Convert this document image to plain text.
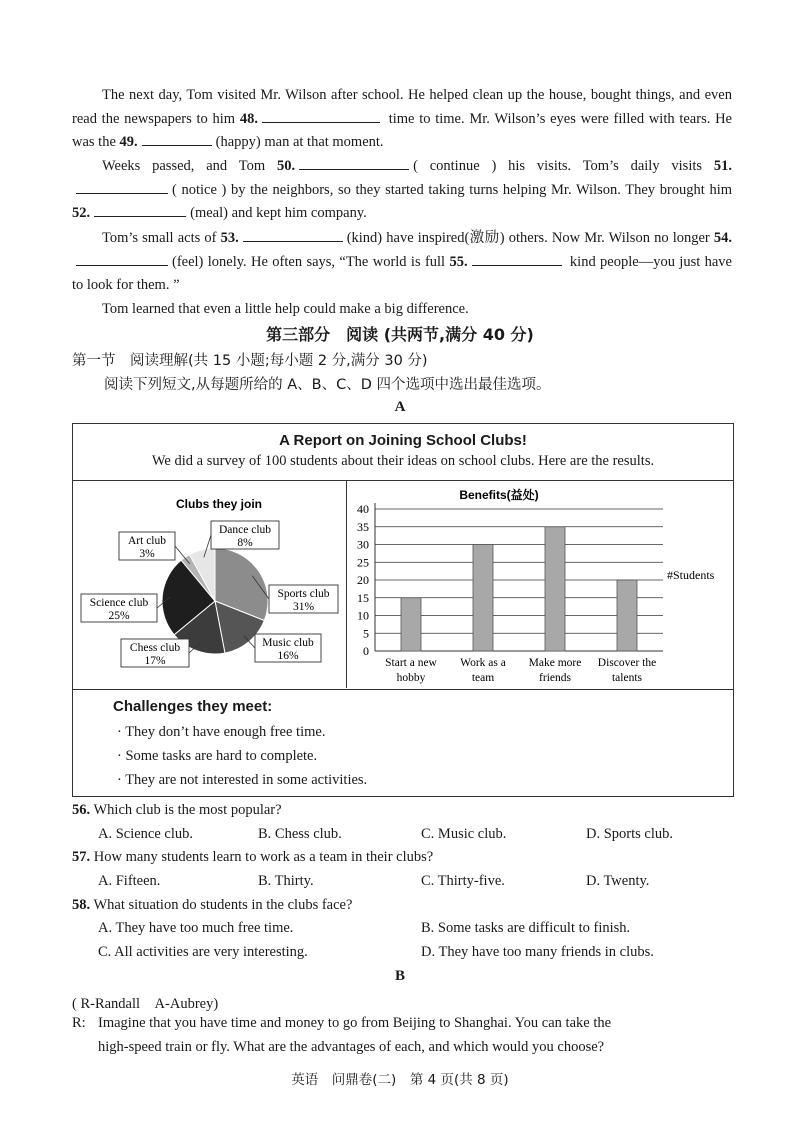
The next day, Tom visited Mr. Wilson after school. He helped clean up the house, bought things, and even read the newspapers to him 48.	time to time. Mr. Wilson’s eyes were filled with tears. He was the 49.	(happy) man at that moment.
Weeks passed, and Tom 50.	( continue ) his visits. Tom’s daily visits 51.( notice ) by the neighbors, so they started taking turns helping Mr. Wilson. They brought him 52.	(meal) and kept him company.
Tom’s small acts of 53.	(kind) have inspired(激励) others. Now Mr. Wilson no longer 54.(feel) lonely. He often says, “The world is full 55.	kind people—you just have to look for them. ”
Tom learned that even a little help could make a big difference.
第三部分　阅读 (共两节,满分 40 分)
第一节　阅读理解(共 15 小题;每小题 2 分,满分 30 分)
阅读下列短文,从每题所给的 A、B、C、D 四个选项中选出最佳选项。
A
A Report on Joining School Clubs!
We did a survey of 100 students about their ideas on school clubs. Here are the results.
Clubs they join
Sports club
31%
Music club
16%
Chess club
17%
Science club
25%
Art club
3%
Dance club
8%
Benefits(益处)
0
5
10
15
20
25
30
35
40
Start a new
hobby
Work as a
team
Make more
friends
Discover the
talents
#Students
Challenges they meet:
· They don’t have enough free time.
· Some tasks are hard to complete.
· They are not interested in some activities.
56. Which club is the most popular?
A. Science club.	B. Chess club.	C. Music club.	D. Sports club.
57. How many students learn to work as a team in their clubs?
A. Fifteen.	B. Thirty.	C. Thirty-five.	D. Twenty.
58. What situation do students in the clubs face?
A. They have too much free time.	B. Some tasks are difficult to finish.
C. All activities are very interesting.	D. They have too many friends in clubs.
B
( R-Randall　A-Aubrey)
R: Imagine that you have time and money to go from Beijing to Shanghai. You can take the
high-speed train or fly. What are the advantages of each, and which would you choose?
英语　问鼎卷(二)　第 4 页(共 8 页)
